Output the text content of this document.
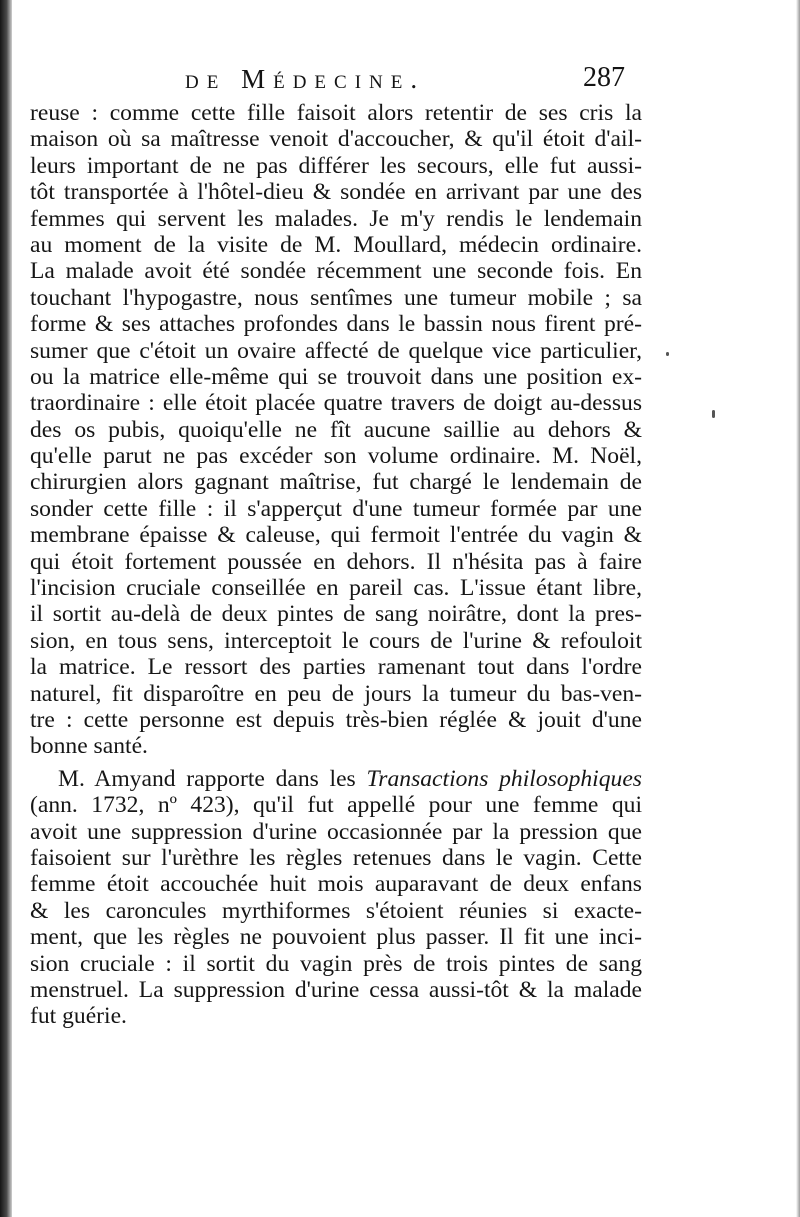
de Médecine.	287
reuse : comme cette fille faisoit alors retentir de ses cris la
maison où sa maîtresse venoit d'accoucher, & qu'il étoit d'ail-
leurs important de ne pas différer les secours, elle fut aussi-
tôt transportée à l'hôtel-dieu & sondée en arrivant par une des
femmes qui servent les malades. Je m'y rendis le lendemain
au moment de la visite de M. Moullard, médecin ordinaire.
La malade avoit été sondée récemment une seconde fois. En
touchant l'hypogastre, nous sentîmes une tumeur mobile ; sa
forme & ses attaches profondes dans le bassin nous firent pré-
sumer que c'étoit un ovaire affecté de quelque vice particulier,
ou la matrice elle-même qui se trouvoit dans une position ex-
traordinaire : elle étoit placée quatre travers de doigt au-dessus
des os pubis, quoiqu'elle ne fît aucune saillie au dehors &
qu'elle parut ne pas excéder son volume ordinaire. M. Noël,
chirurgien alors gagnant maîtrise, fut chargé le lendemain de
sonder cette fille : il s'apperçut d'une tumeur formée par une
membrane épaisse & caleuse, qui fermoit l'entrée du vagin &
qui étoit fortement poussée en dehors. Il n'hésita pas à faire
l'incision cruciale conseillée en pareil cas. L'issue étant libre,
il sortit au-delà de deux pintes de sang noirâtre, dont la pres-
sion, en tous sens, interceptoit le cours de l'urine & refouloit
la matrice. Le ressort des parties ramenant tout dans l'ordre
naturel, fit disparoître en peu de jours la tumeur du bas-ven-
tre : cette personne est depuis très-bien réglée & jouit d'une
bonne santé.
M. Amyand rapporte dans les Transactions philosophiques
(ann. 1732, nº 423), qu'il fut appellé pour une femme qui
avoit une suppression d'urine occasionnée par la pression que
faisoient sur l'urèthre les règles retenues dans le vagin. Cette
femme étoit accouchée huit mois auparavant de deux enfans
& les caroncules myrthiformes s'étoient réunies si exacte-
ment, que les règles ne pouvoient plus passer. Il fit une inci-
sion cruciale : il sortit du vagin près de trois pintes de sang
menstruel. La suppression d'urine cessa aussi-tôt & la malade
fut guérie.
